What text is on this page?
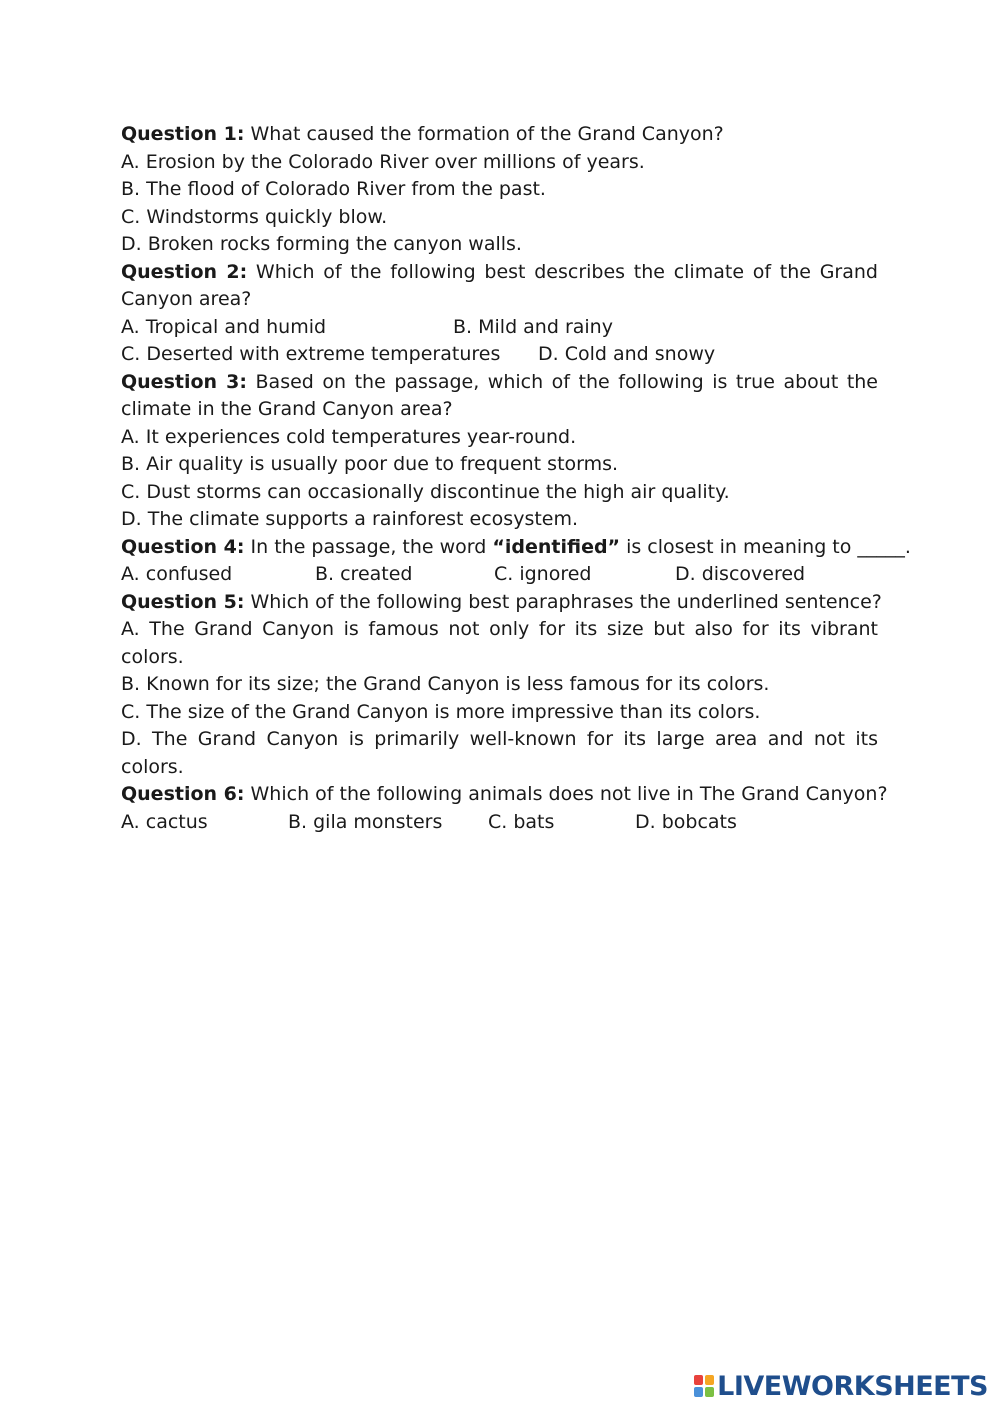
Question 1: What caused the formation of the Grand Canyon?
A. Erosion by the Colorado River over millions of years.
B. The flood of Colorado River from the past.
C. Windstorms quickly blow.
D. Broken rocks forming the canyon walls.
Question 2: Which of the following best describes the climate of the Grand Canyon area?
A. Tropical and humid	B. Mild and rainy
C. Deserted with extreme temperatures D. Cold and snowy
Question 3: Based on the passage, which of the following is true about the climate in the Grand Canyon area?
A. It experiences cold temperatures year-round.
B. Air quality is usually poor due to frequent storms.
C. Dust storms can occasionally discontinue the high air quality.
D. The climate supports a rainforest ecosystem.
Question 4: In the passage, the word “identified” is closest in meaning to _____.
A. confused	B. created	C. ignored	D. discovered
Question 5: Which of the following best paraphrases the underlined sentence?
A. The Grand Canyon is famous not only for its size but also for its vibrant colors.
B. Known for its size; the Grand Canyon is less famous for its colors.
C. The size of the Grand Canyon is more impressive than its colors.
D. The Grand Canyon is primarily well-known for its large area and not its colors.
Question 6: Which of the following animals does not live in The Grand Canyon?
A. cactus	B. gila monsters C. bats	D. bobcats
LIVEWORKSHEETS
